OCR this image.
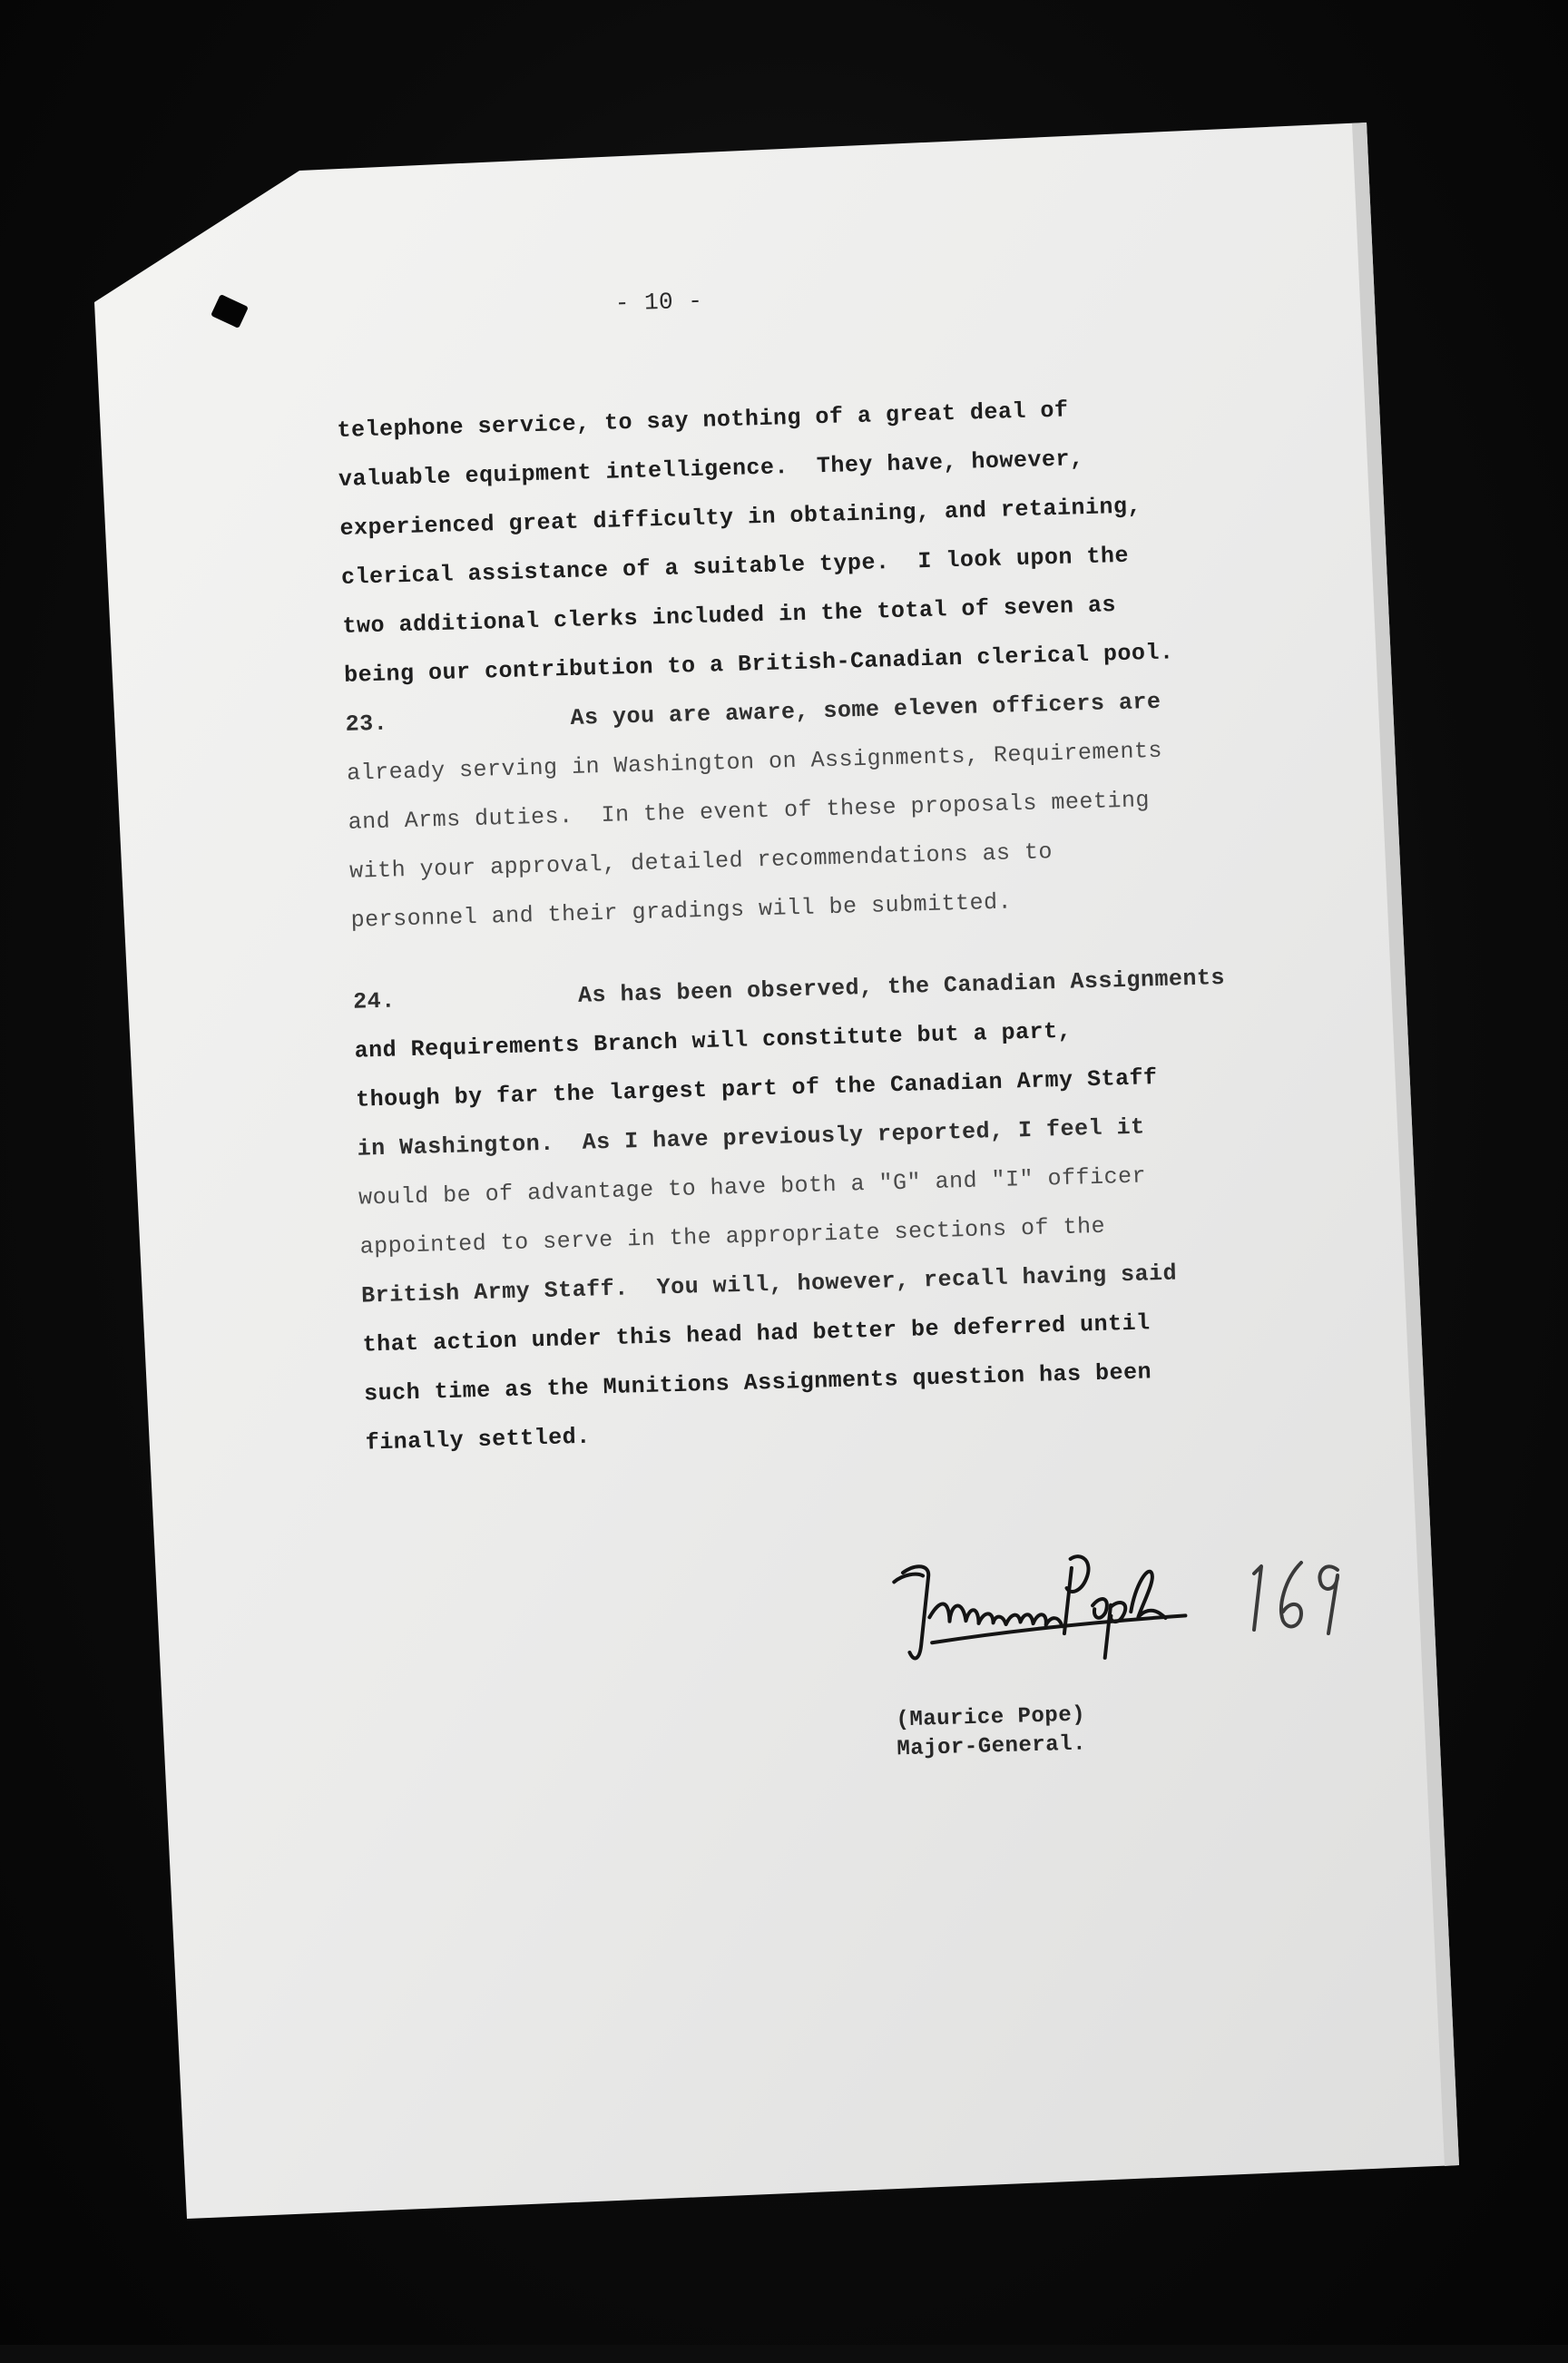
- 10 -
telephone service, to say nothing of a great deal of
valuable equipment intelligence.  They have, however,
experienced great difficulty in obtaining, and retaining,
clerical assistance of a suitable type.  I look upon the
two additional clerks included in the total of seven as
being our contribution to a British-Canadian clerical pool.
23.	As you are aware, some eleven officers are
already serving in Washington on Assignments, Requirements
and Arms duties.  In the event of these proposals meeting
with your approval, detailed recommendations as to
personnel and their gradings will be submitted.
24.	As has been observed, the Canadian Assignments
and Requirements Branch will constitute but a part,
though by far the largest part of the Canadian Army Staff
in Washington.  As I have previously reported, I feel it
would be of advantage to have both a "G" and "I" officer
appointed to serve in the appropriate sections of the
British Army Staff.  You will, however, recall having said
that action under this head had better be deferred until
such time as the Munitions Assignments question has been
finally settled.
(Maurice Pope)
Major-General.
